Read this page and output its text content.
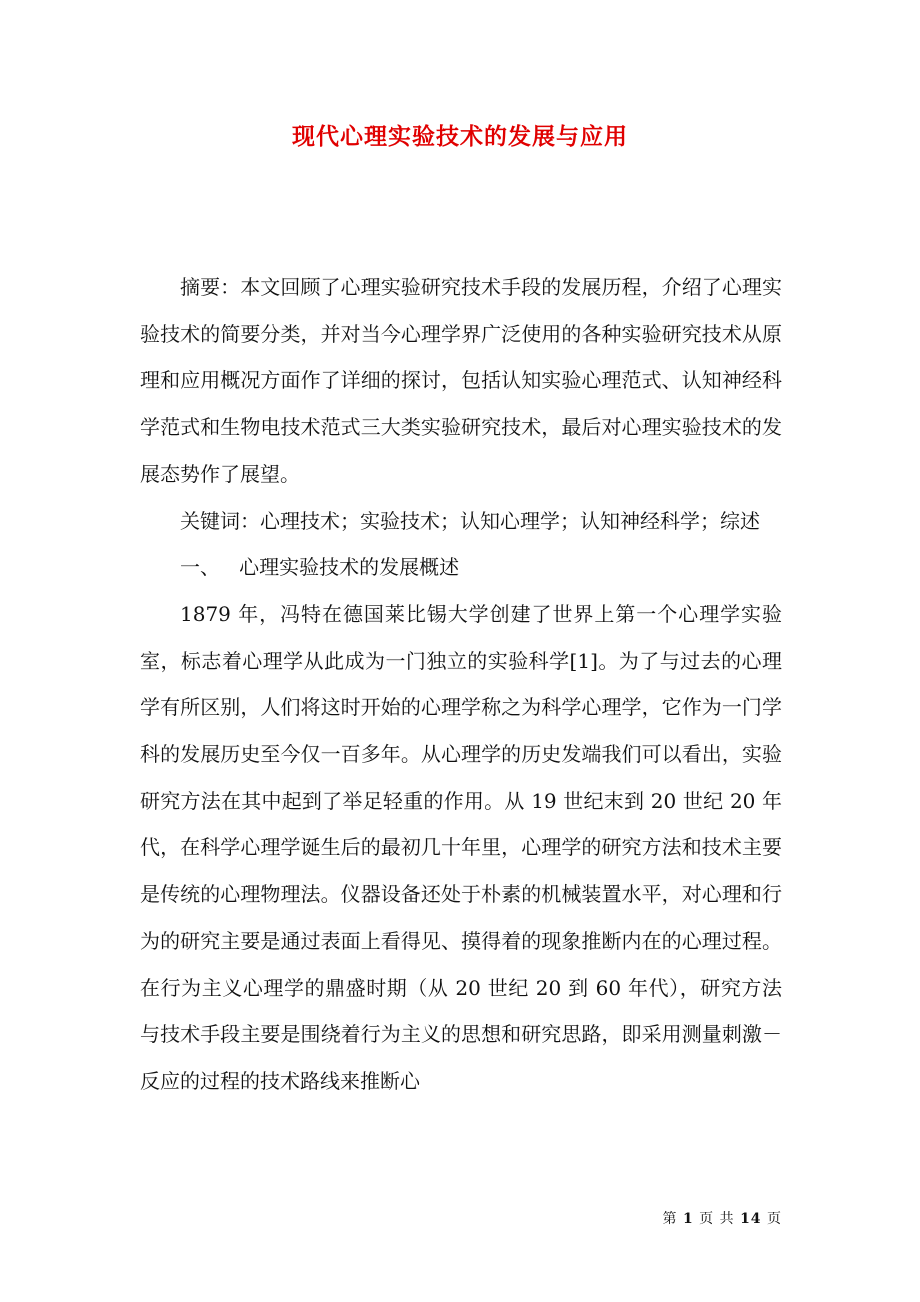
现代心理实验技术的发展与应用

摘要：本文回顾了心理实验研究技术手段的发展历程，介绍了心理实验技术的简要分类，并对当今心理学界广泛使用的各种实验研究技术从原理和应用概况方面作了详细的探讨，包括认知实验心理范式、认知神经科学范式和生物电技术范式三大类实验研究技术，最后对心理实验技术的发展态势作了展望。

关键词：心理技术；实验技术；认知心理学；认知神经科学；综述

一、 心理实验技术的发展概述

1879 年，冯特在德国莱比锡大学创建了世界上第一个心理学实验室，标志着心理学从此成为一门独立的实验科学[1]。为了与过去的心理学有所区别，人们将这时开始的心理学称之为科学心理学，它作为一门学科的发展历史至今仅一百多年。从心理学的历史发端我们可以看出，实验研究方法在其中起到了举足轻重的作用。从 19 世纪末到 20 世纪 20 年代，在科学心理学诞生后的最初几十年里，心理学的研究方法和技术主要是传统的心理物理法。仪器设备还处于朴素的机械装置水平，对心理和行为的研究主要是通过表面上看得见、摸得着的现象推断内在的心理过程。在行为主义心理学的鼎盛时期（从 20 世纪 20 到 60 年代），研究方法与技术手段主要是围绕着行为主义的思想和研究思路，即采用测量刺激－反应的过程的技术路线来推断心

第 1 页 共 14 页
